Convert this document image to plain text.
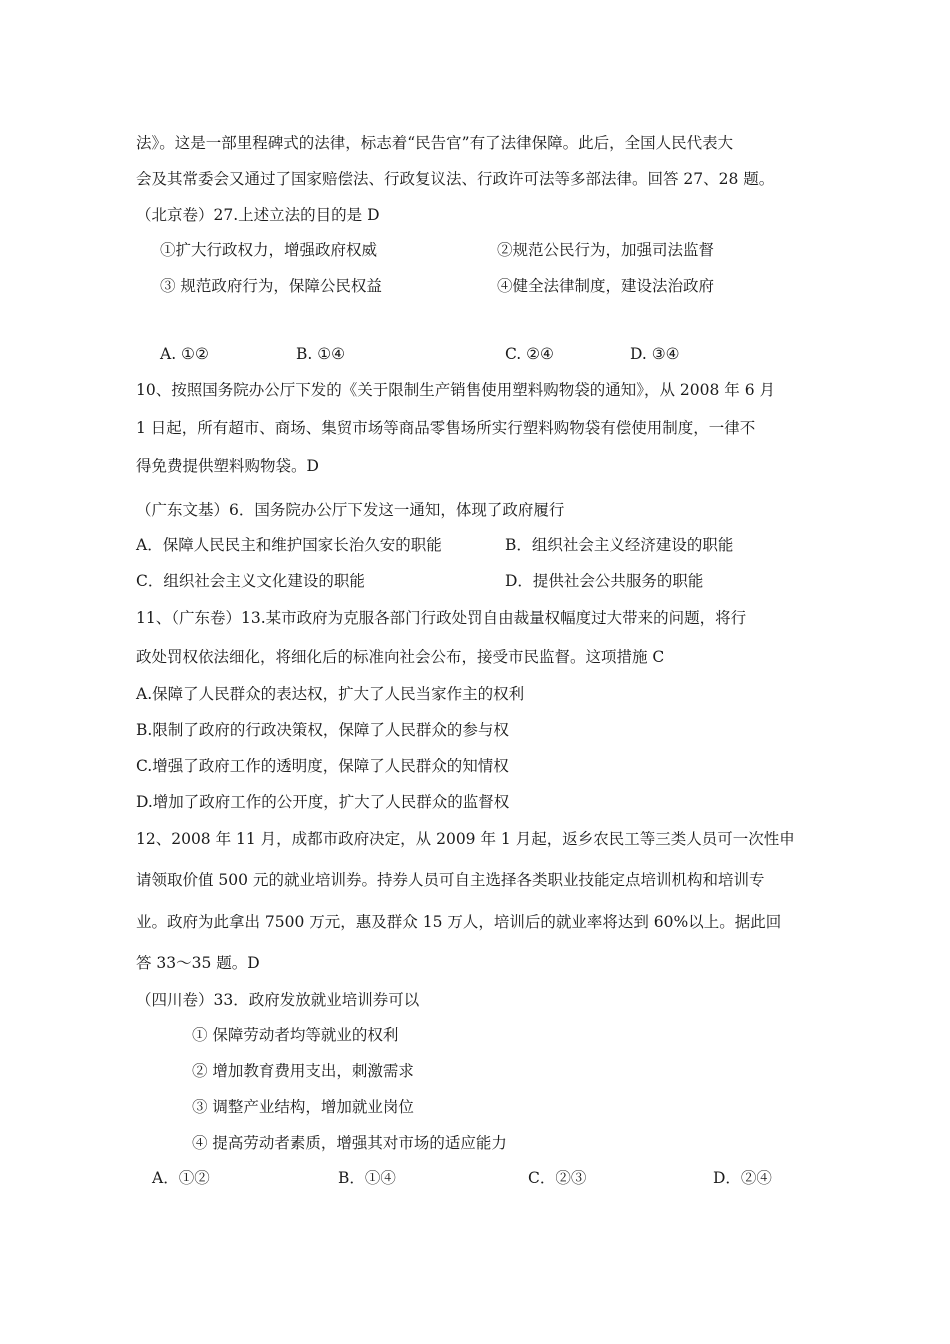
法》。这是一部里程碑式的法律，标志着“民告官”有了法律保障。此后，全国人民代表大
会及其常委会又通过了国家赔偿法、行政复议法、行政许可法等多部法律。回答 27、28 题。
（北京卷）27.上述立法的目的是 D
①扩大行政权力，增强政府权威	②规范公民行为，加强司法监督
③ 规范政府行为，保障公民权益	④健全法律制度，建设法治政府
A. ①②	B. ①④	C. ②④	D. ③④
10、按照国务院办公厅下发的《关于限制生产销售使用塑料购物袋的通知》，从 2008 年 6 月
1 日起，所有超市、商场、集贸市场等商品零售场所实行塑料购物袋有偿使用制度，一律不
得免费提供塑料购物袋。D
（广东文基）6．国务院办公厅下发这一通知，体现了政府履行
A．保障人民民主和维护国家长治久安的职能	B．组织社会主义经济建设的职能
C．组织社会主义文化建设的职能	D．提供社会公共服务的职能
11、（广东卷）13.某市政府为克服各部门行政处罚自由裁量权幅度过大带来的问题，将行
政处罚权依法细化，将细化后的标准向社会公布，接受市民监督。这项措施 C
A.保障了人民群众的表达权，扩大了人民当家作主的权利
B.限制了政府的行政决策权，保障了人民群众的参与权
C.增强了政府工作的透明度，保障了人民群众的知情权
D.增加了政府工作的公开度，扩大了人民群众的监督权
12、2008 年 11 月，成都市政府决定，从 2009 年 1 月起，返乡农民工等三类人员可一次性申
请领取价值 500 元的就业培训券。持券人员可自主选择各类职业技能定点培训机构和培训专
业。政府为此拿出 7500 万元，惠及群众 15 万人，培训后的就业率将达到 60%以上。据此回
答 33～35 题。D
（四川卷）33．政府发放就业培训券可以
① 保障劳动者均等就业的权利
② 增加教育费用支出，刺激需求
③ 调整产业结构，增加就业岗位
④ 提高劳动者素质，增强其对市场的适应能力
A．①②	B．①④	C．②③	D．②④
